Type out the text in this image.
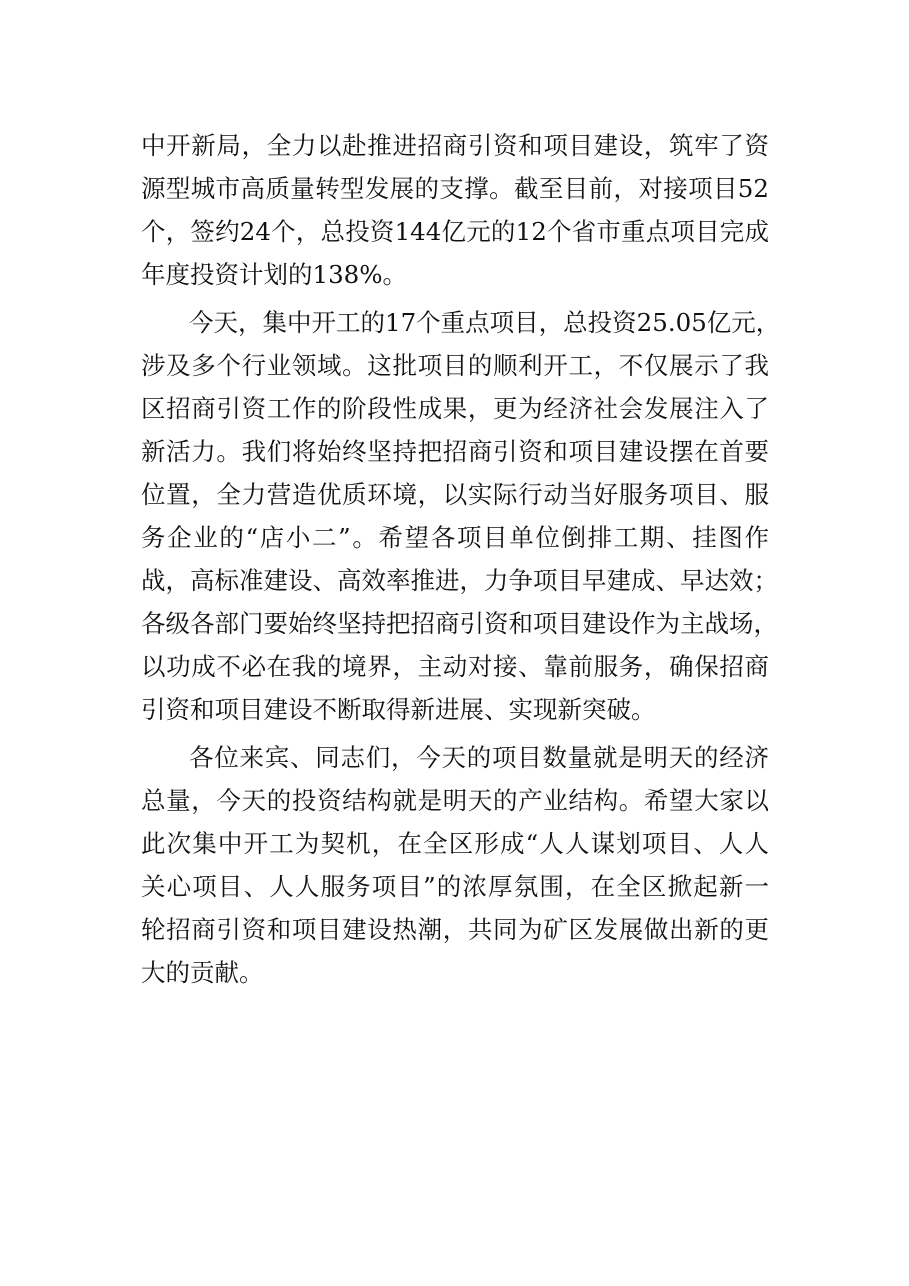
中开新局，全力以赴推进招商引资和项目建设，筑牢了资
源型城市高质量转型发展的支撑。截至目前，对接项目52
个，签约24个，总投资144亿元的12个省市重点项目完成
年度投资计划的138%。
今天，集中开工的17个重点项目，总投资25.05亿元，
涉及多个行业领域。这批项目的顺利开工，不仅展示了我
区招商引资工作的阶段性成果，更为经济社会发展注入了
新活力。我们将始终坚持把招商引资和项目建设摆在首要
位置，全力营造优质环境，以实际行动当好服务项目、服
务企业的“店小二”。希望各项目单位倒排工期、挂图作
战，高标准建设、高效率推进，力争项目早建成、早达效；
各级各部门要始终坚持把招商引资和项目建设作为主战场，
以功成不必在我的境界，主动对接、靠前服务，确保招商
引资和项目建设不断取得新进展、实现新突破。
各位来宾、同志们，今天的项目数量就是明天的经济
总量，今天的投资结构就是明天的产业结构。希望大家以
此次集中开工为契机，在全区形成“人人谋划项目、人人
关心项目、人人服务项目”的浓厚氛围，在全区掀起新一
轮招商引资和项目建设热潮，共同为矿区发展做出新的更
大的贡献。
